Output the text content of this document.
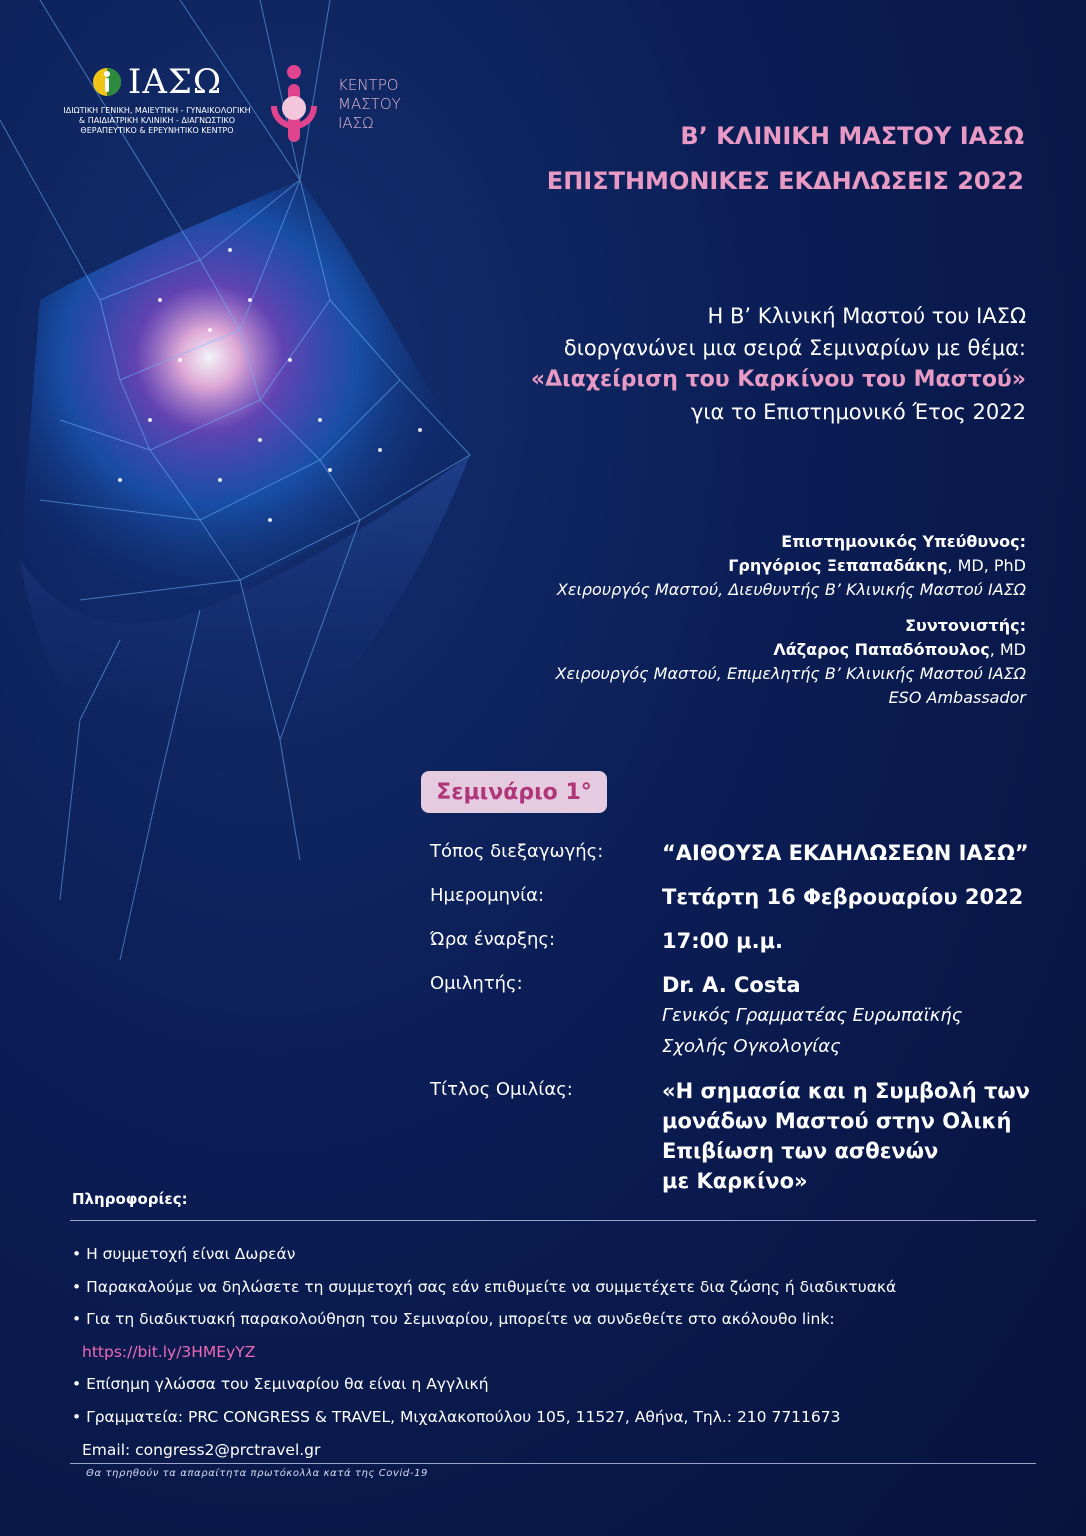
ΙΑΣΩ
ΙΔΙΩΤΙΚΗ ΓΕΝΙΚΗ, ΜΑΙΕΥΤΙΚΗ - ΓΥΝΑΙΚΟΛΟΓΙΚΗ
& ΠΑΙΔΙΑΤΡΙΚΗ ΚΛΙΝΙΚΗ - ΔΙΑΓΝΩΣΤΙΚΟ
ΘΕΡΑΠΕΥΤΙΚΟ & ΕΡΕΥΝΗΤΙΚΟ ΚΕΝΤΡΟ
ΚΕΝΤΡΟ
ΜΑΣΤΟΥ
ΙΑΣΩ	Β’ ΚΛΙΝΙΚΗ ΜΑΣΤΟΥ ΙΑΣΩ
ΕΠΙΣΤΗΜΟΝΙΚΕΣ ΕΚΔΗΛΩΣΕΙΣ 2022
Η Β’ Κλινική Μαστού του ΙΑΣΩ
διοργανώνει μια σειρά Σεμιναρίων με θέμα:
«Διαχείριση του Καρκίνου του Μαστού»
για το Επιστημονικό Έτος 2022
Επιστημονικός Υπεύθυνος:
Γρηγόριος Ξεπαπαδάκης, MD, PhD
Χειρουργός Μαστού, Διευθυντής Β’ Κλινικής Μαστού ΙΑΣΩ
Συντονιστής:
Λάζαρος Παπαδόπουλος, MD
Χειρουργός Μαστού, Επιμελητής Β’ Κλινικής Μαστού ΙΑΣΩ
ESO Ambassador
Σεμινάριο 1°
Τόπος διεξαγωγής:	“ΑΙΘΟΥΣΑ ΕΚΔΗΛΩΣΕΩΝ ΙΑΣΩ”
Ημερομηνία:	Τετάρτη 16 Φεβρουαρίου 2022
Ώρα έναρξης:	17:00 μ.μ.
Ομιλητής:	Dr. A. Costa
Γενικός Γραμματέας Ευρωπαϊκής
Σχολής Ογκολογίας
Τίτλος Ομιλίας:	«Η σημασία και η Συμβολή των
μονάδων Μαστού στην Ολική
Επιβίωση των ασθενών
με Καρκίνο»
Πληροφορίες:
• Η συμμετοχή είναι Δωρεάν
• Παρακαλούμε να δηλώσετε τη συμμετοχή σας εάν επιθυμείτε να συμμετέχετε δια ζώσης ή διαδικτυακά
• Για τη διαδικτυακή παρακολούθηση του Σεμιναρίου, μπορείτε να συνδεθείτε στο ακόλουθο link:
https://bit.ly/3HMEyYZ
• Επίσημη γλώσσα του Σεμιναρίου θα είναι η Αγγλική
• Γραμματεία: PRC CONGRESS & TRAVEL, Μιχαλακοπούλου 105, 11527, Αθήνα, Τηλ.: 210 7711673
Email: congress2@prctravel.gr
Θα τηρηθούν τα απαραίτητα πρωτόκολλα κατά της Covid-19
